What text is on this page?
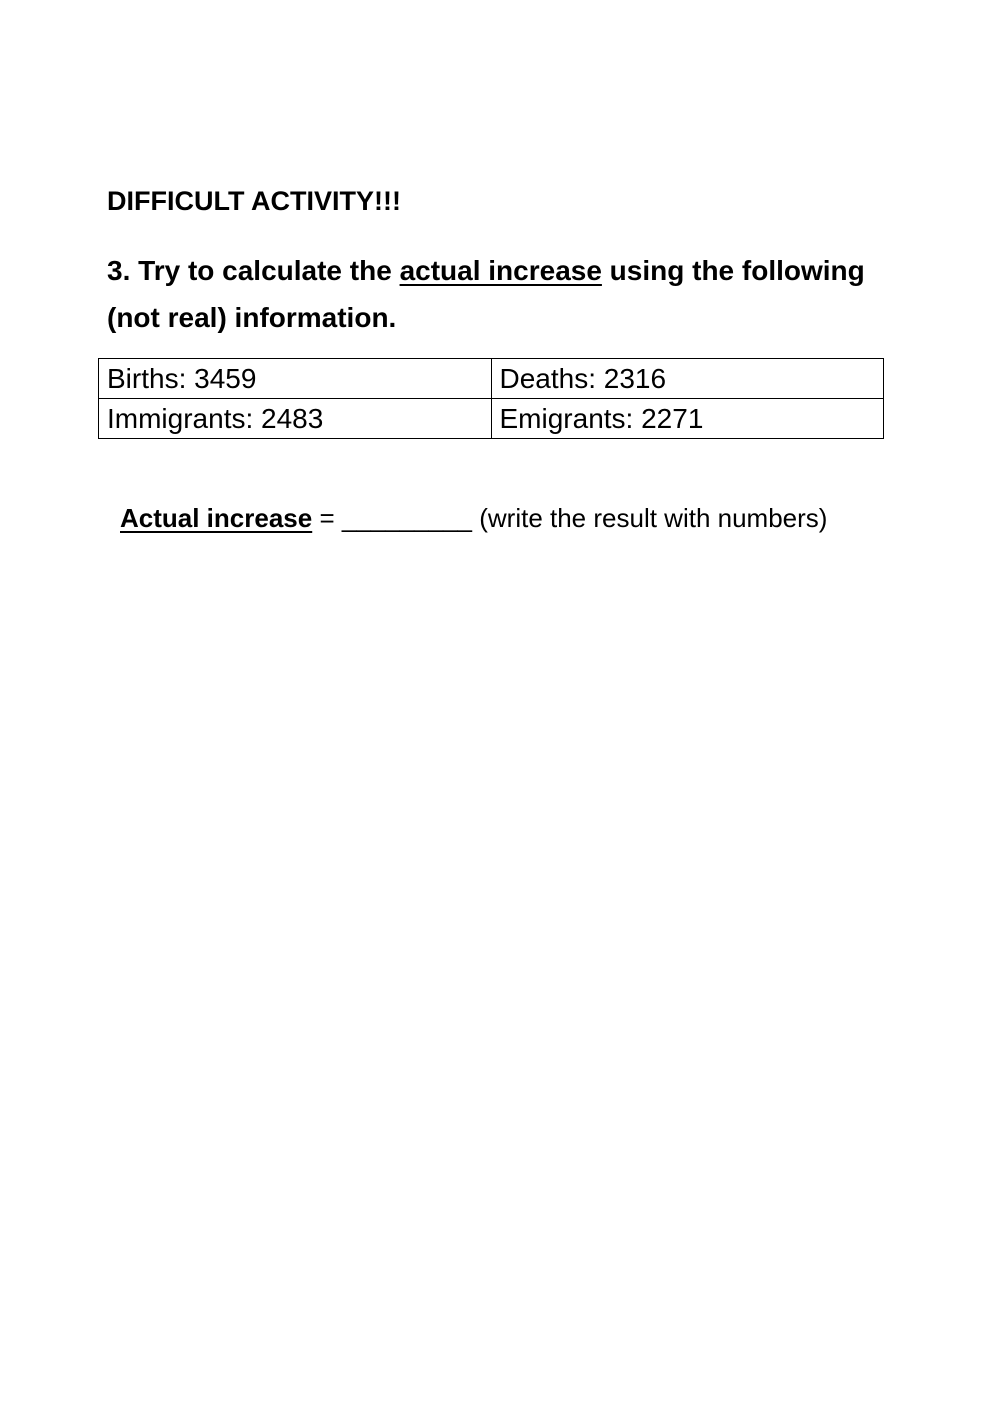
DIFFICULT ACTIVITY!!!
3. Try to calculate the actual increase using the following (not real) information.
Births: 3459	Deaths: 2316
Immigrants: 2483	Emigrants: 2271
Actual increase = _________ (write the result with numbers)
